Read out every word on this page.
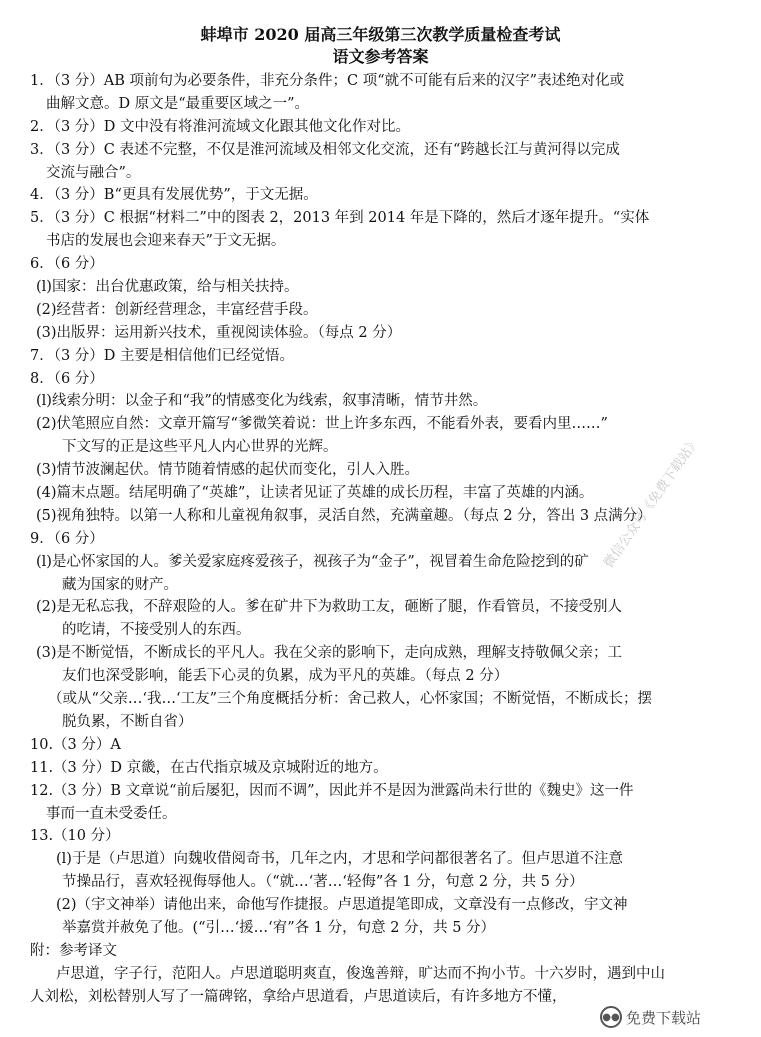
蚌埠市 2020 届高三年级第三次教学质量检查考试
语文参考答案
1．（3 分）AB 项前句为必要条件，非充分条件；C 项“就不可能有后来的汉字”表述绝对化或
曲解文意。D 原文是“最重要区域之一”。
2．（3 分）D 文中没有将淮河流域文化跟其他文化作对比。
3．（3 分）C 表述不完整，不仅是淮河流域及相邻文化交流，还有“跨越长江与黄河得以完成
交流与融合”。
4．（3 分）B“更具有发展优势”，于文无据。
5．（3 分）C 根据“材料二”中的图表 2，2013 年到 2014 年是下降的，然后才逐年提升。“实体
书店的发展也会迎来春天”于文无据。
6．（6 分）
(l)国家：出台优惠政策，给与相关扶持。
(2)经营者：创新经营理念，丰富经营手段。
(3)出版界：运用新兴技术，重视阅读体验。（每点 2 分）
7．（3 分）D 主要是相信他们已经觉悟。
8．（6 分）
(l)线索分明：以金子和“我”的情感变化为线索，叙事清晰，情节井然。
(2)伏笔照应自然：文章开篇写“爹微笑着说：世上许多东西，不能看外表，要看内里……”
下文写的正是这些平凡人内心世界的光辉。
(3)情节波澜起伏。情节随着情感的起伏而变化，引人入胜。
(4)篇末点题。结尾明确了“英雄”，让读者见证了英雄的成长历程，丰富了英雄的内涵。
(5)视角独特。以第一人称和儿童视角叙事，灵活自然，充满童趣。（每点 2 分，答出 3 点满分）
9．（6 分）
(l)是心怀家国的人。爹关爱家庭疼爱孩子，视孩子为“金子”，视冒着生命危险挖到的矿
藏为国家的财产。
(2)是无私忘我，不辞艰险的人。爹在矿井下为救助工友，砸断了腿，作看管员，不接受别人
的吃请，不接受别人的东西。
(3)是不断觉悟，不断成长的平凡人。我在父亲的影响下，走向成熟，理解支持敬佩父亲；工
友们也深受影响，能丢下心灵的负累，成为平凡的英雄。（每点 2 分）
（或从“父亲…‘我…‘工友”三个角度概括分析：舍己救人，心怀家国；不断觉悟，不断成长；摆
脱负累，不断自省）
10.（3 分）A
11.（3 分）D 京畿，在古代指京城及京城附近的地方。
12.（3 分）B 文章说“前后屡犯，因而不调”，因此并不是因为泄露尚未行世的《魏史》这一件
事而一直未受委任。
13.（10 分）
(l)于是（卢思道）向魏收借阅奇书，几年之内，才思和学问都很著名了。但卢思道不注意
节操品行，喜欢轻视侮辱他人。（“就…‘著…‘轻侮”各 1 分，句意 2 分，共 5 分）
(2)（宇文神举）请他出来，命他写作捷报。卢思道提笔即成，文章没有一点修改，宇文神
举嘉赏并赦免了他。(“引…‘援…‘宥”各 1 分，句意 2 分，共 5 分）
附：参考译文
卢思道，字子行，范阳人。卢思道聪明爽直，俊逸善辩，旷达而不拘小节。十六岁时，遇到中山
人刘松，刘松替别人写了一篇碑铭，拿给卢思道看，卢思道读后，有许多地方不懂，
微信公众号《免费下载站》
●● 免费下载站
